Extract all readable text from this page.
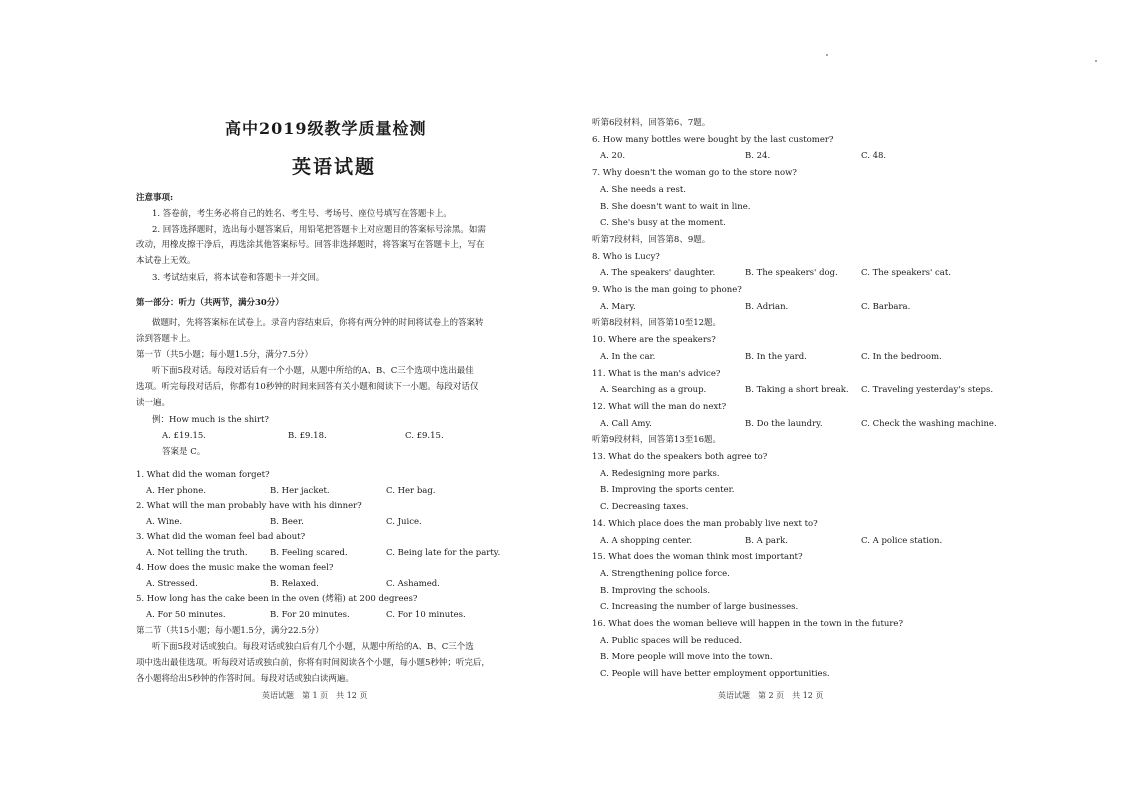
高中2019级教学质量检测
英语试题
注意事项:
1. 答卷前，考生务必将自己的姓名、考生号、考场号、座位号填写在答题卡上。
2. 回答选择题时，选出每小题答案后，用铅笔把答题卡上对应题目的答案标号涂黑。如需
改动，用橡皮擦干净后，再选涂其他答案标号。回答非选择题时，将答案写在答题卡上，写在
本试卷上无效。
3. 考试结束后，将本试卷和答题卡一并交回。
第一部分：听力（共两节，满分30分）
做题时，先将答案标在试卷上。录音内容结束后，你将有两分钟的时间将试卷上的答案转
涂到答题卡上。
第一节（共5小题；每小题1.5分，满分7.5分）
听下面5段对话。每段对话后有一个小题，从题中所给的A、B、C三个选项中选出最佳
选项。听完每段对话后，你都有10秒钟的时间来回答有关小题和阅读下一小题。每段对话仅
读一遍。
例：How much is the shirt?
A. £19.15.	B. £9.18.	C. £9.15.
答案是 C。
1. What did the woman forget?
A. Her phone.	B. Her jacket.	C. Her bag.
2. What will the man probably have with his dinner?
A. Wine.	B. Beer.	C. Juice.
3. What did the woman feel bad about?
A. Not telling the truth.	B. Feeling scared.	C. Being late for the party.
4. How does the music make the woman feel?
A. Stressed.	B. Relaxed.	C. Ashamed.
5. How long has the cake been in the oven (烤箱) at 200 degrees?
A. For 50 minutes.	B. For 20 minutes.	C. For 10 minutes.
第二节（共15小题；每小题1.5分，满分22.5分）
听下面5段对话或独白。每段对话或独白后有几个小题，从题中所给的A、B、C三个选
项中选出最佳选项。听每段对话或独白前，你将有时间阅读各个小题，每小题5秒钟；听完后，
各小题将给出5秒钟的作答时间。每段对话或独白读两遍。
英语试题　第 1 页　共 12 页	英语试题　第 2 页　共 12 页
听第6段材料，回答第6、7题。
6. How many bottles were bought by the last customer?
A. 20.	B. 24.	C. 48.
7. Why doesn't the woman go to the store now?
A. She needs a rest.
B. She doesn't want to wait in line.
C. She's busy at the moment.
听第7段材料，回答第8、9题。
8. Who is Lucy?
A. The speakers' daughter.	B. The speakers' dog.	C. The speakers' cat.
9. Who is the man going to phone?
A. Mary.	B. Adrian.	C. Barbara.
听第8段材料，回答第10至12题。
10. Where are the speakers?
A. In the car.	B. In the yard.	C. In the bedroom.
11. What is the man's advice?
A. Searching as a group.	B. Taking a short break. C. Traveling yesterday's steps.
12. What will the man do next?
A. Call Amy.	B. Do the laundry.	C. Check the washing machine.
听第9段材料，回答第13至16题。
13. What do the speakers both agree to?
A. Redesigning more parks.
B. Improving the sports center.
C. Decreasing taxes.
14. Which place does the man probably live next to?
A. A shopping center.	B. A park.	C. A police station.
15. What does the woman think most important?
A. Strengthening police force.
B. Improving the schools.
C. Increasing the number of large businesses.
16. What does the woman believe will happen in the town in the future?
A. Public spaces will be reduced.
B. More people will move into the town.
C. People will have better employment opportunities.
